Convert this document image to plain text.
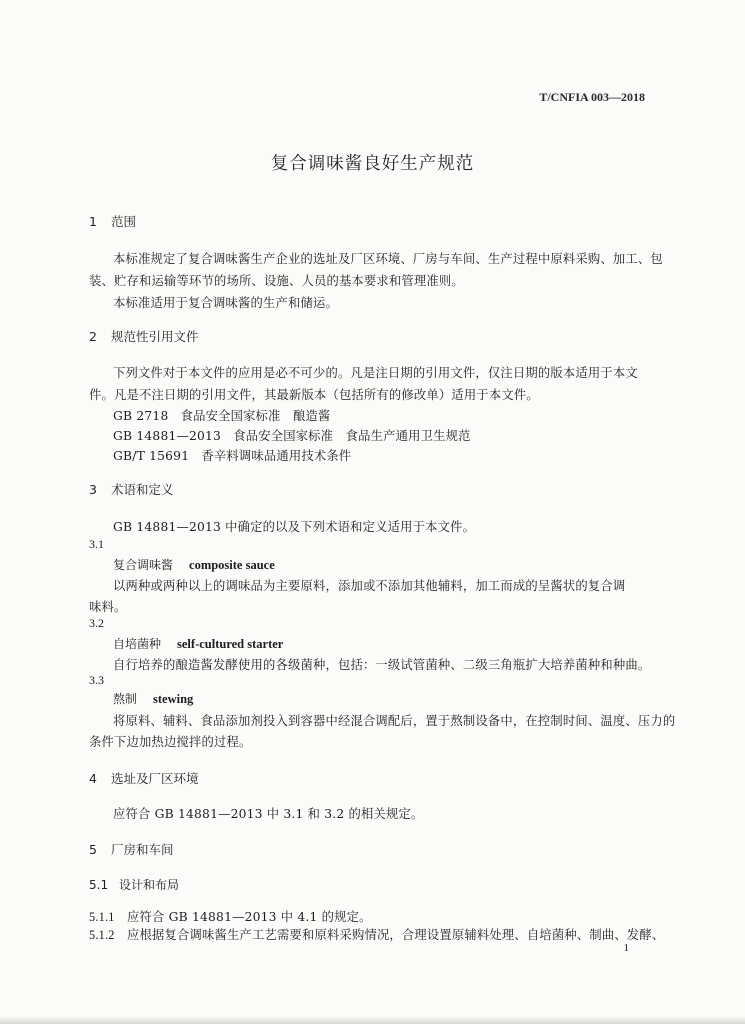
T/CNFIA 003—2018
复合调味酱良好生产规范
1 范围
本标准规定了复合调味酱生产企业的选址及厂区环境、厂房与车间、生产过程中原料采购、加工、包
装、贮存和运输等环节的场所、设施、人员的基本要求和管理准则。
本标准适用于复合调味酱的生产和储运。
2 规范性引用文件
下列文件对于本文件的应用是必不可少的。凡是注日期的引用文件，仅注日期的版本适用于本文
件。凡是不注日期的引用文件，其最新版本（包括所有的修改单）适用于本文件。
GB 2718 食品安全国家标准　酿造酱
GB 14881—2013 食品安全国家标准　食品生产通用卫生规范
GB/T 15691 香辛料调味品通用技术条件
3 术语和定义
GB 14881—2013 中确定的以及下列术语和定义适用于本文件。
3.1
复合调味酱 composite sauce
以两种或两种以上的调味品为主要原料，添加或不添加其他辅料，加工而成的呈酱状的复合调
味料。
3.2
自培菌种 self-cultured starter
自行培养的酿造酱发酵使用的各级菌种，包括：一级试管菌种、二级三角瓶扩大培养菌种和种曲。
3.3
熬制 stewing
将原料、辅料、食品添加剂投入到容器中经混合调配后，置于熬制设备中，在控制时间、温度、压力的
条件下边加热边搅拌的过程。
4 选址及厂区环境
应符合 GB 14881—2013 中 3.1 和 3.2 的相关规定。
5 厂房和车间
5.1 设计和布局
5.1.1 应符合 GB 14881—2013 中 4.1 的规定。
5.1.2 应根据复合调味酱生产工艺需要和原料采购情况，合理设置原辅料处理、自培菌种、制曲、发酵、
1
